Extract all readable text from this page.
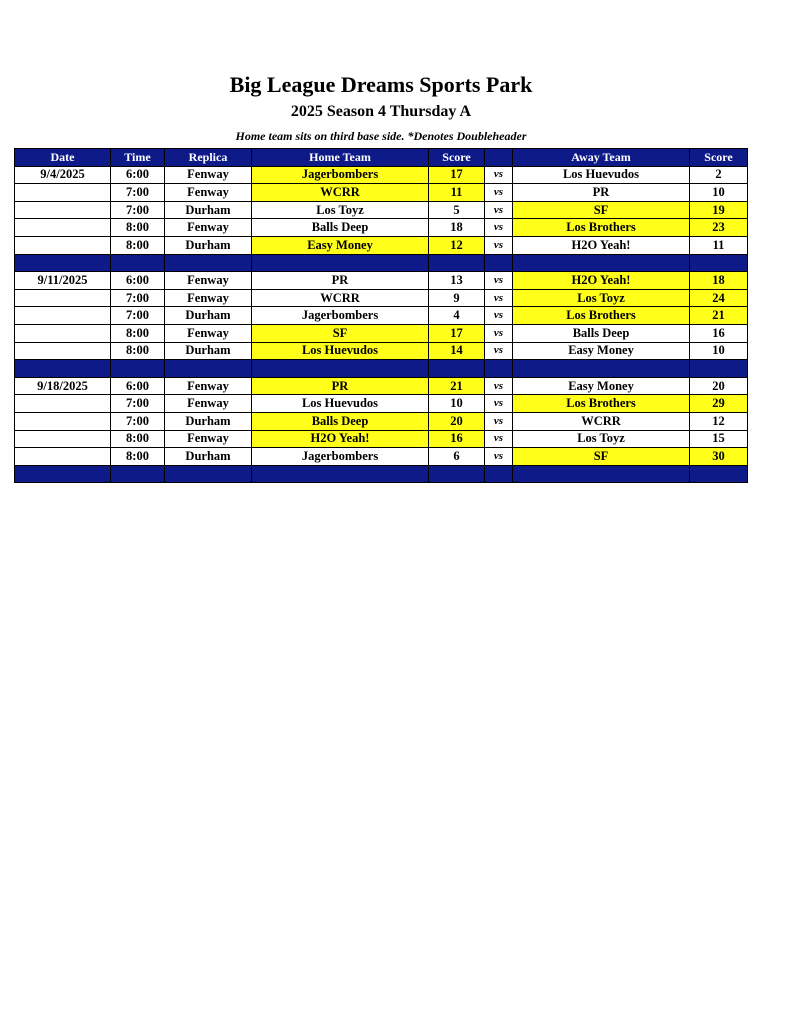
Big League Dreams Sports Park
2025 Season 4 Thursday A
Home team sits on third base side. *Denotes Doubleheader
Date	Time	Replica	Home Team	Score		Away Team	Score
9/4/2025	6:00	Fenway	Jagerbombers	17	vs	Los Huevudos	2
	7:00	Fenway	WCRR	11	vs	PR	10
	7:00	Durham	Los Toyz	5	vs	SF	19
	8:00	Fenway	Balls Deep	18	vs	Los Brothers	23
	8:00	Durham	Easy Money	12	vs	H2O Yeah!	11

9/11/2025	6:00	Fenway	PR	13	vs	H2O Yeah!	18
	7:00	Fenway	WCRR	9	vs	Los Toyz	24
	7:00	Durham	Jagerbombers	4	vs	Los Brothers	21
	8:00	Fenway	SF	17	vs	Balls Deep	16
	8:00	Durham	Los Huevudos	14	vs	Easy Money	10

9/18/2025	6:00	Fenway	PR	21	vs	Easy Money	20
	7:00	Fenway	Los Huevudos	10	vs	Los Brothers	29
	7:00	Durham	Balls Deep	20	vs	WCRR	12
	8:00	Fenway	H2O Yeah!	16	vs	Los Toyz	15
	8:00	Durham	Jagerbombers	6	vs	SF	30
